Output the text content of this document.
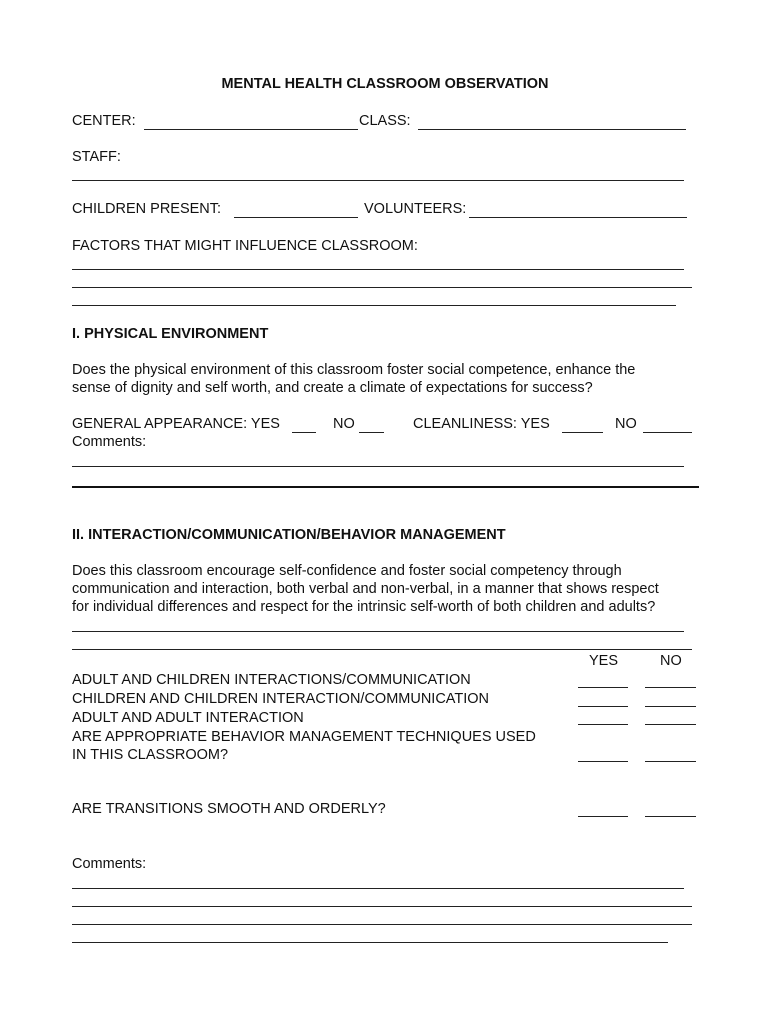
MENTAL HEALTH CLASSROOM OBSERVATION
CENTER:	CLASS:
STAFF:
CHILDREN PRESENT:	VOLUNTEERS:
FACTORS THAT MIGHT INFLUENCE CLASSROOM:
I. PHYSICAL ENVIRONMENT
Does the physical environment of this classroom foster social competence, enhance the
sense of dignity and self worth, and create a climate of expectations for success?
GENERAL APPEARANCE: YES	NO	CLEANLINESS: YES	NO
Comments:
II. INTERACTION/COMMUNICATION/BEHAVIOR MANAGEMENT
Does this classroom encourage self-confidence and foster social competency through
communication and interaction, both verbal and non-verbal, in a manner that shows respect
for individual differences and respect for the intrinsic self-worth of both children and adults?
YES	NO
ADULT AND CHILDREN INTERACTIONS/COMMUNICATION
CHILDREN AND CHILDREN INTERACTION/COMMUNICATION
ADULT AND ADULT INTERACTION
ARE APPROPRIATE BEHAVIOR MANAGEMENT TECHNIQUES USED
IN THIS CLASSROOM?
ARE TRANSITIONS SMOOTH AND ORDERLY?
Comments:
